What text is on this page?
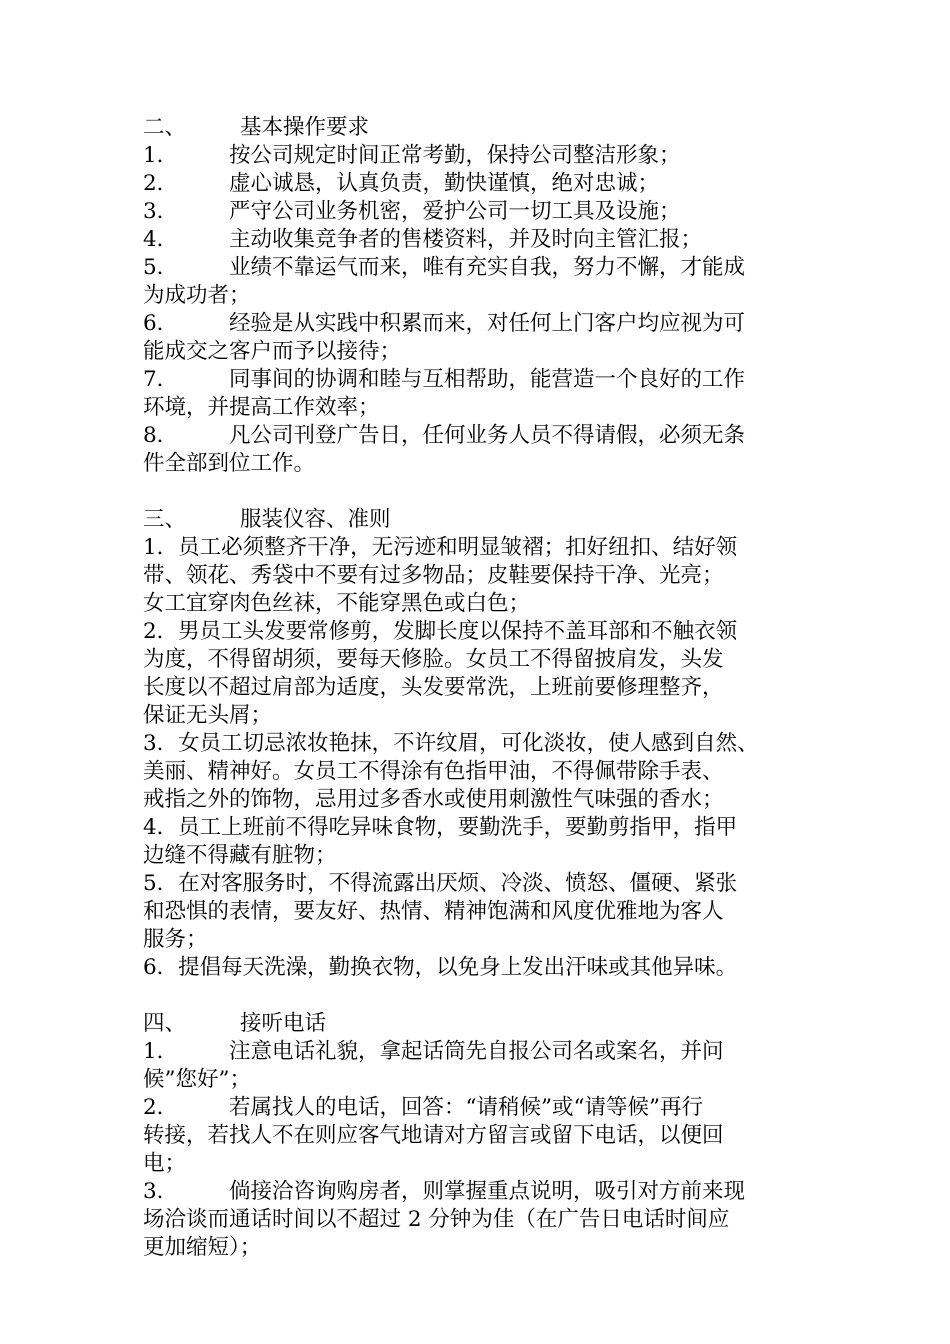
二、	基本操作要求
1． 按公司规定时间正常考勤，保持公司整洁形象；
2． 虚心诚恳，认真负责，勤快谨慎，绝对忠诚；
3． 严守公司业务机密，爱护公司一切工具及设施；
4． 主动收集竞争者的售楼资料，并及时向主管汇报；
5． 业绩不靠运气而来，唯有充实自我，努力不懈，才能成
为成功者；
6． 经验是从实践中积累而来，对任何上门客户均应视为可
能成交之客户而予以接待；
7． 同事间的协调和睦与互相帮助，能营造一个良好的工作
环境，并提高工作效率；
8． 凡公司刊登广告日，任何业务人员不得请假，必须无条
件全部到位工作。
三、	服装仪容、准则
1．员工必须整齐干净，无污迹和明显皱褶；扣好纽扣、结好领
带、领花、秀袋中不要有过多物品；皮鞋要保持干净、光亮；
女工宜穿肉色丝袜，不能穿黑色或白色；
2．男员工头发要常修剪，发脚长度以保持不盖耳部和不触衣领
为度，不得留胡须，要每天修脸。女员工不得留披肩发，头发
长度以不超过肩部为适度，头发要常洗，上班前要修理整齐，
保证无头屑；
3．女员工切忌浓妆艳抹，不许纹眉，可化淡妆，使人感到自然、
美丽、精神好。女员工不得涂有色指甲油，不得佩带除手表、
戒指之外的饰物，忌用过多香水或使用刺激性气味强的香水；
4．员工上班前不得吃异味食物，要勤洗手，要勤剪指甲，指甲
边缝不得藏有脏物；
5．在对客服务时，不得流露出厌烦、冷淡、愤怒、僵硬、紧张
和恐惧的表情，要友好、热情、精神饱满和风度优雅地为客人
服务；
6．提倡每天洗澡，勤换衣物，以免身上发出汗味或其他异味。
四、	接听电话
1． 注意电话礼貌，拿起话筒先自报公司名或案名，并问
候”您好”；
2． 若属找人的电话，回答：“请稍候”或“请等候”再行
转接，若找人不在则应客气地请对方留言或留下电话，以便回
电；
3． 倘接洽咨询购房者，则掌握重点说明，吸引对方前来现
场洽谈而通话时间以不超过 2 分钟为佳（在广告日电话时间应
更加缩短）；
